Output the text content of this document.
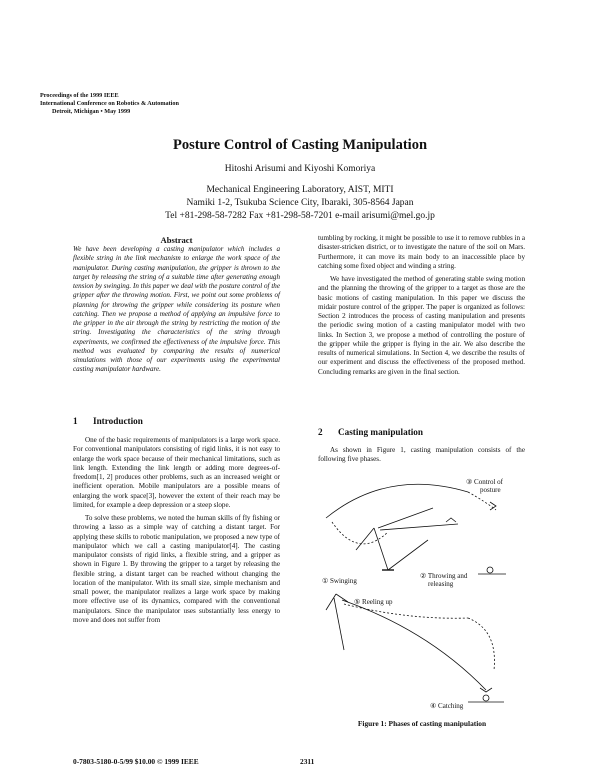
Proceedings of the 1999 IEEE
International Conference on Robotics & Automation
Detroit, Michigan • May 1999
Posture Control of Casting Manipulation
Hitoshi Arisumi and Kiyoshi Komoriya
Mechanical Engineering Laboratory, AIST, MITI
Namiki 1-2, Tsukuba Science City, Ibaraki, 305-8564 Japan
Tel +81-298-58-7282 Fax +81-298-58-7201 e-mail arisumi@mel.go.jp
Abstract
We have been developing a casting manipulator which includes a flexible string in the link mechanism to enlarge the work space of the manipulator. During casting manipulation, the gripper is thrown to the target by releasing the string of a suitable time after generating enough tension by swinging. In this paper we deal with the posture control of the gripper after the throwing motion. First, we point out some problems of planning for throwing the gripper while considering its posture when catching. Then we propose a method of applying an impulsive force to the gripper in the air through the string by restricting the motion of the string. Investigating the characteristics of the string through experiments, we confirmed the effectiveness of the impulsive force. This method was evaluated by comparing the results of numerical simulations with those of our experiments using the experimental casting manipulator hardware.
1 Introduction

One of the basic requirements of manipulators is a large work space. For conventional manipulators consisting of rigid links, it is not easy to enlarge the work space because of their mechanical limitations, such as link length. Extending the link length or adding more degrees-of-freedom[1, 2] produces other problems, such as an increased weight or inefficient operation. Mobile manipulators are a possible means of enlarging the work space[3], however the extent of their reach may be limited, for example a deep depression or a steep slope.

To solve these problems, we noted the human skills of fly fishing or throwing a lasso as a simple way of catching a distant target. For applying these skills to robotic manipulation, we proposed a new type of manipulator which we call a casting manipulator[4]. The casting manipulator consists of rigid links, a flexible string, and a gripper as shown in Figure 1. By throwing the gripper to a target by releasing the flexible string, a distant target can be reached without changing the location of the manipulator. With its small size, simple mechanism and small power, the manipulator realizes a large work space by making more effective use of its dynamics, compared with the conventional manipulators. Since the manipulator uses substantially less energy to move and does not suffer from

tumbling by rocking, it might be possible to use it to remove rubbles in a disaster-stricken district, or to investigate the nature of the soil on Mars. Furthermore, it can move its main body to an inaccessible place by catching some fixed object and winding a string.

We have investigated the method of generating stable swing motion and the planning the throwing of the gripper to a target as those are the basic motions of casting manipulation. In this paper we discuss the midair posture control of the gripper. The paper is organized as follows: Section 2 introduces the process of casting manipulation and presents the periodic swing motion of a casting manipulator model with two links. In Section 3, we propose a method of controlling the posture of the gripper while the gripper is flying in the air. We also describe the results of numerical simulations. In Section 4, we describe the results of our experiment and discuss the effectiveness of the proposed method. Concluding remarks are given in the final section.

2 Casting manipulation

As shown in Figure 1, casting manipulation consists of the following five phases.

③ Control of
posture
① Swinging
② Throwing and
releasing
⑤ Reeling up
④ Catching
Figure 1: Phases of casting manipulation
0-7803-5180-0-5/99 $10.00 © 1999 IEEE	2311
